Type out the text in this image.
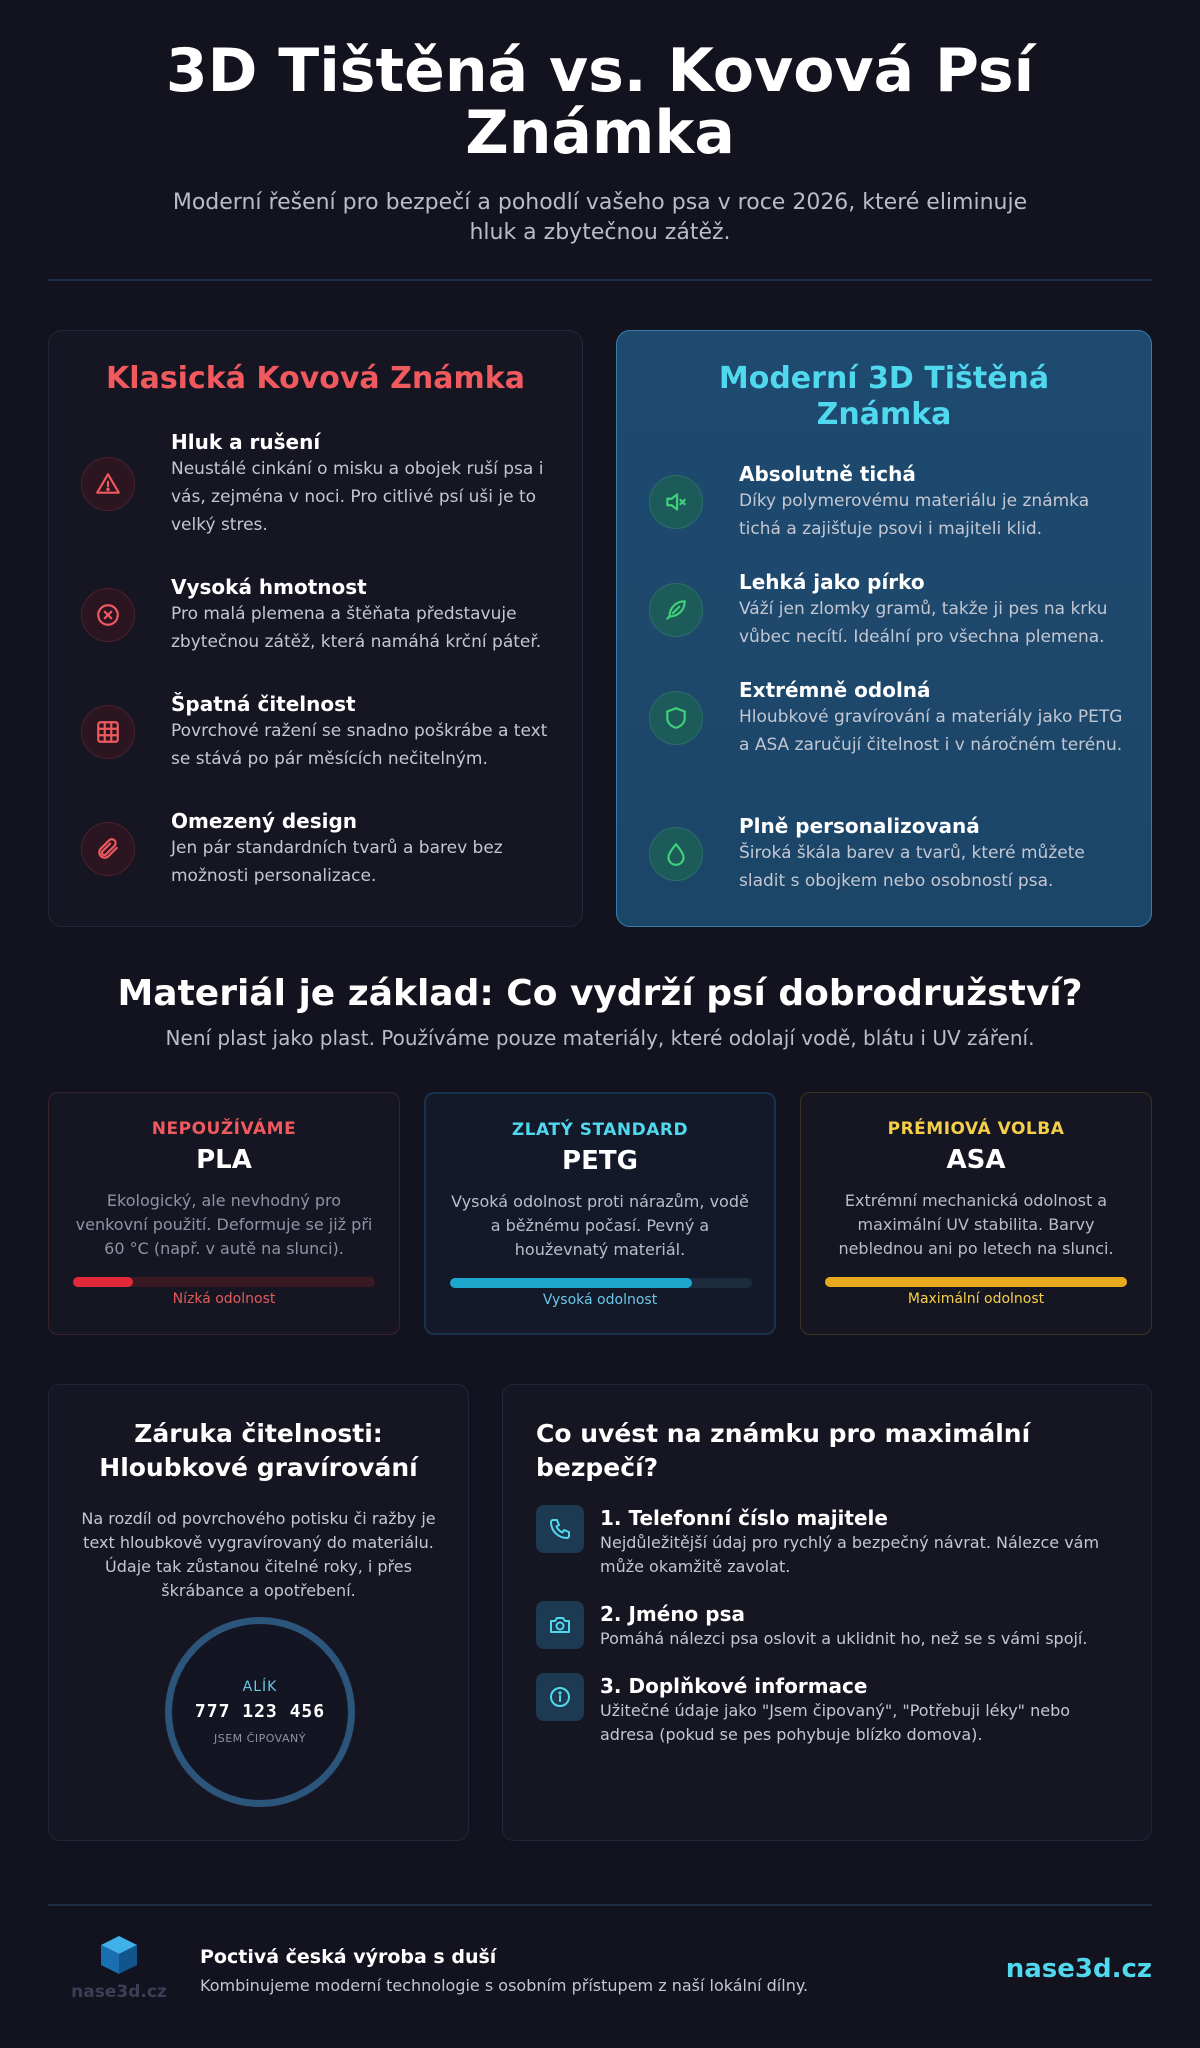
3D Tištěná vs. Kovová Psí Známka

Moderní řešení pro bezpečí a pohodlí vašeho psa v roce 2026, které eliminuje hluk a zbytečnou zátěž.

Klasická Kovová Známka
Hluk a rušení
Neustálé cinkání o misku a obojek ruší psa i vás, zejména v noci. Pro citlivé psí uši je to velký stres.
Vysoká hmotnost
Pro malá plemena a štěňata představuje zbytečnou zátěž, která namáhá krční páteř.
Špatná čitelnost
Povrchové ražení se snadno poškrábe a text se stává po pár měsících nečitelným.
Omezený design
Jen pár standardních tvarů a barev bez možnosti personalizace.
Moderní 3D Tištěná Známka
Absolutně tichá
Díky polymerovému materiálu je známka tichá a zajišťuje psovi i majiteli klid.
Lehká jako pírko
Váží jen zlomky gramů, takže ji pes na krku vůbec necítí. Ideální pro všechna plemena.
Extrémně odolná
Hloubkové gravírování a materiály jako PETG a ASA zaručují čitelnost i v náročném terénu.
Plně personalizovaná
Široká škála barev a tvarů, které můžete sladit s obojkem nebo osobností psa.
Materiál je základ: Co vydrží psí dobrodružství?

Není plast jako plast. Používáme pouze materiály, které odolají vodě, blátu i UV záření.

NEPOUŽÍVÁME
PLA
Ekologický, ale nevhodný pro venkovní použití. Deformuje se již při 60 °C (např. v autě na slunci).
Nízká odolnost
ZLATÝ STANDARD
PETG
Vysoká odolnost proti nárazům, vodě a běžnému počasí. Pevný a houževnatý materiál.
Vysoká odolnost
PRÉMIOVÁ VOLBA
ASA
Extrémní mechanická odolnost a maximální UV stabilita. Barvy neblednou ani po letech na slunci.
Maximální odolnost
Záruka čitelnosti: Hloubkové gravírování

Na rozdíl od povrchového potisku či ražby je text hloubkově vygravírovaný do materiálu. Údaje tak zůstanou čitelné roky, i přes škrábance a opotřebení.

ALÍK
777 123 456
JSEM ČIPOVANÝ
Co uvést na známku pro maximální bezpečí?
1. Telefonní číslo majitele
Nejdůležitější údaj pro rychlý a bezpečný návrat. Nálezce vám může okamžitě zavolat.
2. Jméno psa
Pomáhá nálezci psa oslovit a uklidnit ho, než se s vámi spojí.
3. Doplňkové informace
Užitečné údaje jako "Jsem čipovaný", "Potřebuji léky" nebo adresa (pokud se pes pohybuje blízko domova).
nase3d.cz
Poctivá česká výroba s duší
Kombinujeme moderní technologie s osobním přístupem z naší lokální dílny.
nase3d.cz
